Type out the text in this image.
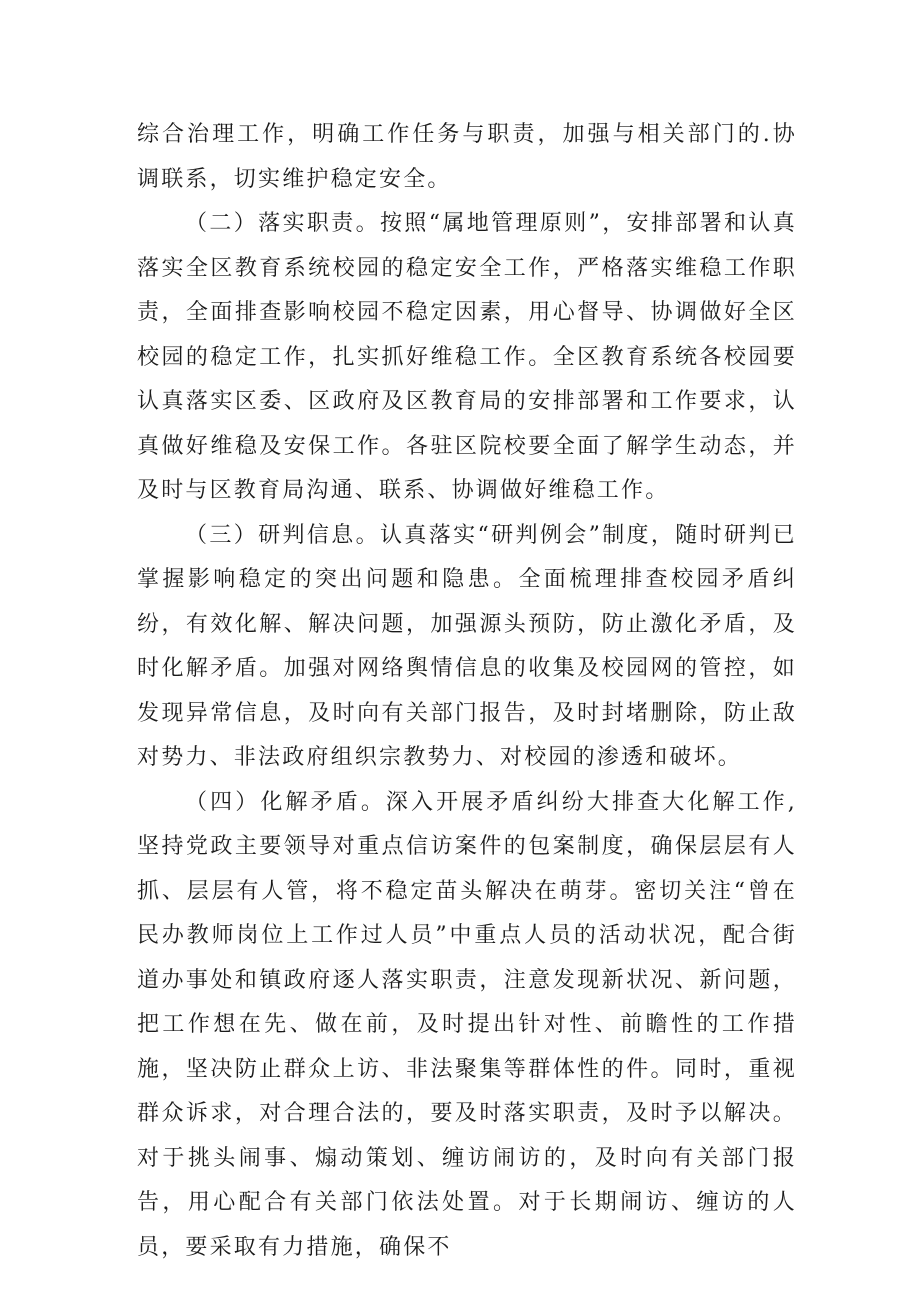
综合治理工作，明确工作任务与职责，加强与相关部门的.协调联系，切实维护稳定安全。

（二）落实职责。按照“属地管理原则”，安排部署和认真落实全区教育系统校园的稳定安全工作，严格落实维稳工作职责，全面排查影响校园不稳定因素，用心督导、协调做好全区校园的稳定工作，扎实抓好维稳工作。全区教育系统各校园要认真落实区委、区政府及区教育局的安排部署和工作要求，认真做好维稳及安保工作。各驻区院校要全面了解学生动态，并及时与区教育局沟通、联系、协调做好维稳工作。

（三）研判信息。认真落实“研判例会”制度，随时研判已掌握影响稳定的突出问题和隐患。全面梳理排查校园矛盾纠纷，有效化解、解决问题，加强源头预防，防止激化矛盾，及时化解矛盾。加强对网络舆情信息的收集及校园网的管控，如发现异常信息，及时向有关部门报告，及时封堵删除，防止敌对势力、非法政府组织宗教势力、对校园的渗透和破坏。

（四）化解矛盾。深入开展矛盾纠纷大排查大化解工作,坚持党政主要领导对重点信访案件的包案制度，确保层层有人抓、层层有人管，将不稳定苗头解决在萌芽。密切关注“曾在民办教师岗位上工作过人员”中重点人员的活动状况，配合街道办事处和镇政府逐人落实职责，注意发现新状况、新问题，把工作想在先、做在前，及时提出针对性、前瞻性的工作措施，坚决防止群众上访、非法聚集等群体性的件。同时，重视群众诉求，对合理合法的，要及时落实职责，及时予以解决。对于挑头闹事、煽动策划、缠访闹访的，及时向有关部门报告，用心配合有关部门依法处置。对于长期闹访、缠访的人员，要采取有力措施，确保不
